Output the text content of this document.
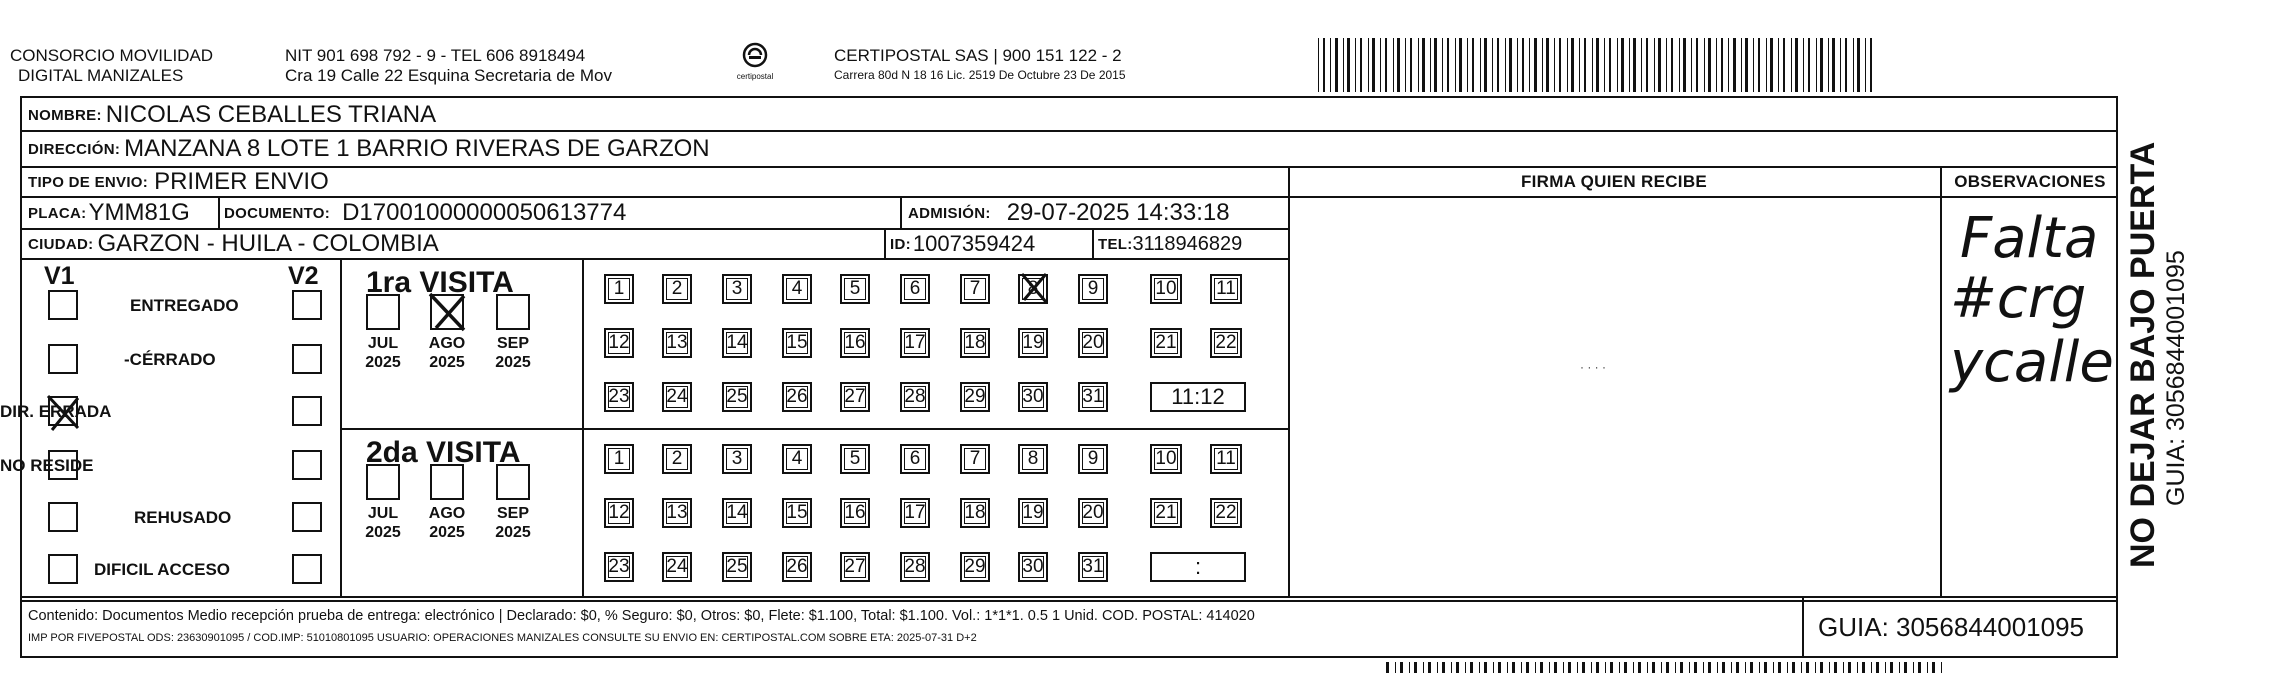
CONSORCIO MOVILIDAD
DIGITAL MANIZALES
NIT 901 698 792 - 9 - TEL 606 8918494
Cra 19 Calle 22 Esquina Secretaria de Mov	certipostal
CERTIPOSTAL SAS | 900 151 122 - 2
Carrera 80d N 18 16 Lic. 2519 De Octubre 23 De 2015
FIRMA QUIEN RECIBE	OBSERVACIONES
NOMBRE: NICOLAS CEBALLES TRIANA
DIRECCIÓN: MANZANA 8 LOTE 1 BARRIO RIVERAS DE GARZON
TIPO DE ENVIO: PRIMER ENVIO
PLACA: YMM81G DOCUMENTO: D17001000000050613774	ADMISIÓN: 29-07-2025 14:33:18
CIUDAD: GARZON - HUILA - COLOMBIA	ID: 1007359424	TEL: 3118946829
V1	V2
ENTREGADO
-CÉRRADO
DIR. ERRADA
NO RESIDE
REHUSADO
DIFICIL ACCESO
1ra VISITA
2da VISITA
1	2	3	4	5	6	7	8	9	10	11
12 13 14 15 16 17 18 19 20	21 22
23 24 25 26 27 28 29 30 31	11:12
JUL
2025
AGO
2025
SEP
2025
1	2	3	4	5	6	7	8	9	10	11
12 13 14 15 16 17 18 19 20	21 22
23 24 25 26 27 28 29 30 31	:
JUL
2025
AGO
2025
SEP
2025
Falta
#crg
ycalle
Contenido: Documentos Medio recepción prueba de entrega: electrónico | Declarado: $0, % Seguro: $0, Otros: $0, Flete: $1.100, Total: $1.100. Vol.: 1*1*1. 0.5 1 Unid. COD. POSTAL: 414020
IMP POR FIVEPOSTAL ODS: 23630901095 / COD.IMP: 51010801095 USUARIO: OPERACIONES MANIZALES CONSULTE SU ENVIO EN: CERTIPOSTAL.COM SOBRE ETA: 2025-07-31 D+2	GUIA: 3056844001095
NO DEJAR BAJO PUERTA GUIA: 3056844001095
· · · ·
